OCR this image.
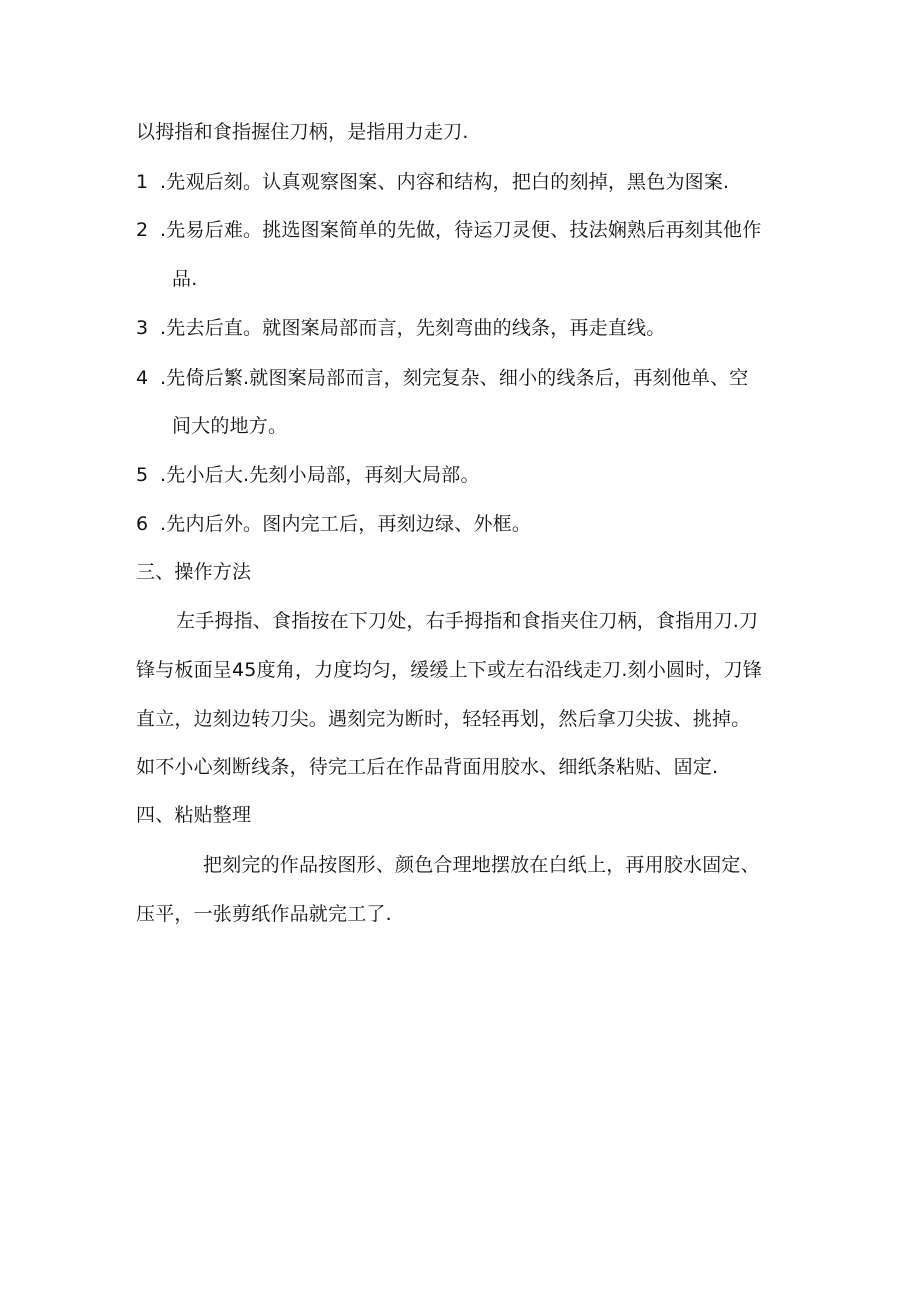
以拇指和食指握住刀柄，是指用力走刀.
1 .先观后刻。认真观察图案、内容和结构，把白的刻掉，黑色为图案.
2 .先易后难。挑选图案简单的先做，待运刀灵便、技法娴熟后再刻其他作
品.
3 .先去后直。就图案局部而言，先刻弯曲的线条，再走直线。
4 .先倚后繁.就图案局部而言，刻完复杂、细小的线条后，再刻他单、空
间大的地方。
5 .先小后大.先刻小局部，再刻大局部。
6 .先内后外。图内完工后，再刻边绿、外框。
三、操作方法
左手拇指、食指按在下刀处，右手拇指和食指夹住刀柄，食指用刀.刀
锋与板面呈45度角，力度均匀，缓缓上下或左右沿线走刀.刻小圆时，刀锋
直立，边刻边转刀尖。遇刻完为断时，轻轻再划，然后拿刀尖拔、挑掉。
如不小心刻断线条，待完工后在作品背面用胶水、细纸条粘贴、固定.
四、粘贴整理
把刻完的作品按图形、颜色合理地摆放在白纸上，再用胶水固定、
压平，一张剪纸作品就完工了.
